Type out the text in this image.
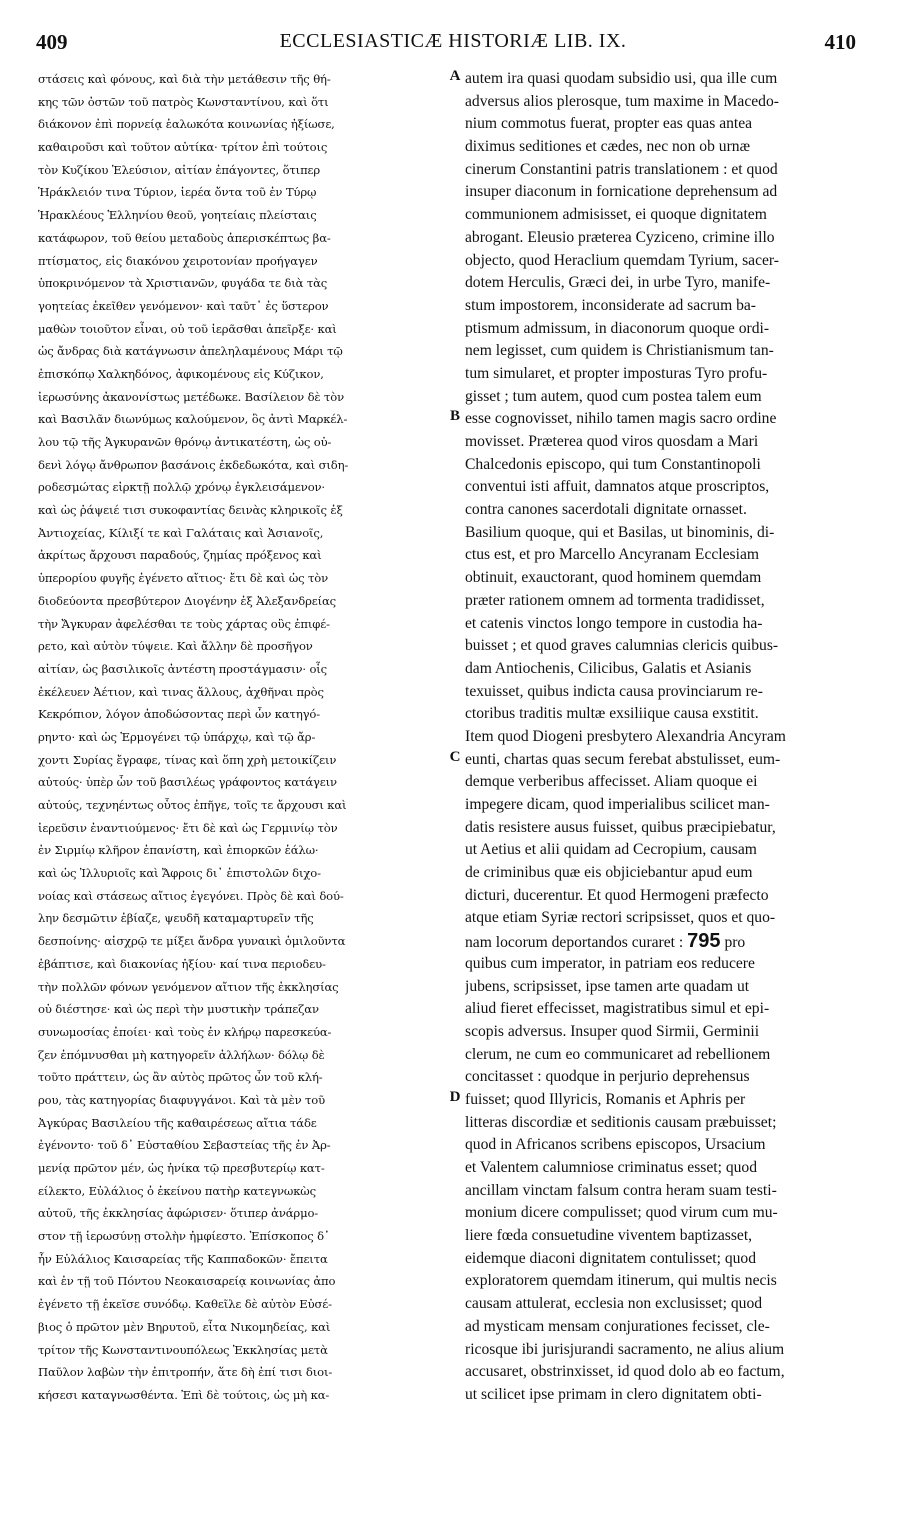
409	ECCLESIASTICÆ HISTORIÆ LIB. IX.	410
στάσεις καὶ φόνους, καὶ διὰ τὴν μετάθεσιν τῆς θή-
κης τῶν ὀστῶν τοῦ πατρὸς Κωνσταντίνου, καὶ ὅτι
διάκονον ἐπὶ πορνείᾳ ἑαλωκότα κοινωνίας ἠξίωσε,
καθαιροῦσι καὶ τοῦτον αὐτίκα· τρίτον ἐπὶ τούτοις
τὸν Κυζίκου Ἐλεύσιον, αἰτίαν ἐπάγοντες, ὅτιπερ
Ἡράκλειόν τινα Τύριον, ἱερέα ὄντα τοῦ ἐν Τύρῳ
Ἡρακλέους Ἑλληνίου θεοῦ, γοητείαις πλείσταις
κατάφωρον, τοῦ θείου μεταδοὺς ἀπερισκέπτως βα-
πτίσματος, εἰς διακόνου χειροτονίαν προήγαγεν
ὑποκρινόμενον τὰ Χριστιανῶν, φυγάδα τε διὰ τὰς
γοητείας ἐκεῖθεν γενόμενον· καὶ ταῦτ᾽ ἐς ὕστερον
μαθὼν τοιοῦτον εἶναι, οὐ τοῦ ἱερᾶσθαι ἀπεῖρξε· καὶ
ὡς ἄνδρας διὰ κατάγνωσιν ἀπεληλαμένους Μάρι τῷ
ἐπισκόπῳ Χαλκηδόνος, ἀφικομένους εἰς Κύζικον,
ἱερωσύνης ἀκανονίστως μετέδωκε. Βασίλειον δὲ τὸν
καὶ Βασιλᾶν διωνύμως καλούμενον, ὃς ἀντὶ Μαρκέλ-
λου τῷ τῆς Ἀγκυρανῶν θρόνῳ ἀντικατέστη, ὡς οὐ-
δενὶ λόγῳ ἄνθρωπον βασάνοις ἐκδεδωκότα, καὶ σιδη-
ροδεσμώτας εἱρκτῇ πολλῷ χρόνῳ ἐγκλεισάμενον·
καὶ ὡς ῥάψειέ τισι συκοφαντίας δεινὰς κληρικοῖς ἐξ
Ἀντιοχείας, Κίλιξί τε καὶ Γαλάταις καὶ Ἀσιανοῖς,
ἀκρίτως ἄρχουσι παραδούς, ζημίας πρόξενος καὶ
ὑπερορίου φυγῆς ἐγένετο αἴτιος· ἔτι δὲ καὶ ὡς τὸν
διοδεύοντα πρεσβύτερον Διογένην ἐξ Ἀλεξανδρείας
τὴν Ἄγκυραν ἀφελέσθαι τε τοὺς χάρτας οὓς ἐπιφέ-
ρετο, καὶ αὐτὸν τύψειε. Καὶ ἄλλην δὲ προσῆγον
αἰτίαν, ὡς βασιλικοῖς ἀντέστη προστάγμασιν· οἷς
ἐκέλευεν Ἀέτιον, καὶ τινας ἄλλους, ἀχθῆναι πρὸς
Κεκρόπιον, λόγον ἀποδώσοντας περὶ ὧν κατηγό-
ρηντο· καὶ ὡς Ἑρμογένει τῷ ὑπάρχῳ, καὶ τῷ ἄρ-
χοντι Συρίας ἔγραφε, τίνας καὶ ὅπη χρὴ μετοικίζειν
αὐτούς· ὑπὲρ ὧν τοῦ βασιλέως γράφοντος κατάγειν
αὐτούς, τεχνηέντως οὗτος ἐπῆγε, τοῖς τε ἄρχουσι καὶ
ἱερεῦσιν ἐναντιούμενος· ἔτι δὲ καὶ ὡς Γερμινίῳ τὸν
ἐν Σιρμίῳ κλῆρον ἐπανίστη, καὶ ἐπιορκῶν ἑάλω·
καὶ ὡς Ἰλλυριοῖς καὶ Ἄφροις δι᾽ ἐπιστολῶν διχο-
νοίας καὶ στάσεως αἴτιος ἐγεγόνει. Πρὸς δὲ καὶ δού-
λην δεσμῶτιν ἐβίαζε, ψευδῆ καταμαρτυρεῖν τῆς
δεσποίνης· αἰσχρῷ τε μίξει ἄνδρα γυναικὶ ὁμιλοῦντα
ἐβάπτισε, καὶ διακονίας ἠξίου· καί τινα περιοδευ-
τὴν πολλῶν φόνων γενόμενον αἴτιον τῆς ἐκκλησίας
οὐ διέστησε· καὶ ὡς περὶ τὴν μυστικὴν τράπεζαν
συνωμοσίας ἐποίει· καὶ τοὺς ἐν κλήρῳ παρεσκεύα-
ζεν ἐπόμνυσθαι μὴ κατηγορεῖν ἀλλήλων· δόλῳ δὲ
τοῦτο πράττειν, ὡς ἂν αὐτὸς πρῶτος ὧν τοῦ κλή-
ρου, τὰς κατηγορίας διαφυγγάνοι. Καὶ τὰ μὲν τοῦ
Ἀγκύρας Βασιλείου τῆς καθαιρέσεως αἴτια τάδε
ἐγένοντο· τοῦ δ᾽ Εὐσταθίου Σεβαστείας τῆς ἐν Ἀρ-
μενίᾳ πρῶτον μέν, ὡς ἡνίκα τῷ πρεσβυτερίῳ κατ-
είλεκτο, Εὐλάλιος ὁ ἐκείνου πατὴρ κατεγνωκὼς
αὐτοῦ, τῆς ἐκκλησίας ἀφώρισεν· ὅτιπερ ἀνάρμο-
στον τῇ ἱερωσύνῃ στολὴν ἠμφίεστο. Ἐπίσκοπος δ᾽
ἦν Εὐλάλιος Καισαρείας τῆς Καππαδοκῶν· ἔπειτα
καὶ ἐν τῇ τοῦ Πόντου Νεοκαισαρείᾳ κοινωνίας ἀπο
ἐγένετο τῇ ἐκεῖσε συνόδῳ. Καθεῖλε δὲ αὐτὸν Εὐσέ-
βιος ὁ πρῶτον μὲν Βηρυτοῦ, εἶτα Νικομηδείας, καὶ
τρίτον τῆς Κωνσταντινουπόλεως Ἐκκλησίας μετὰ
Παῦλον λαβὼν τὴν ἐπιτροπήν, ἅτε δὴ ἐπί τισι διοι-
κήσεσι καταγνωσθέντα. Ἐπὶ δὲ τούτοις, ὡς μὴ κα-
A
B
C
D
autem ira quasi quodam subsidio usi, qua ille cum
adversus alios plerosque, tum maxime in Macedo-
nium commotus fuerat, propter eas quas antea
diximus seditiones et cædes, nec non ob urnæ
cinerum Constantini patris translationem : et quod
insuper diaconum in fornicatione deprehensum ad
communionem admisisset, ei quoque dignitatem
abrogant. Eleusio præterea Cyziceno, crimine illo
objecto, quod Heraclium quemdam Tyrium, sacer-
dotem Herculis, Græci dei, in urbe Tyro, manife-
stum impostorem, inconsiderate ad sacrum ba-
ptismum admissum, in diaconorum quoque ordi-
nem legisset, cum quidem is Christianismum tan-
tum simularet, et propter imposturas Tyro profu-
gisset ; tum autem, quod cum postea talem eum
esse cognovisset, nihilo tamen magis sacro ordine
movisset. Præterea quod viros quosdam a Mari
Chalcedonis episcopo, qui tum Constantinopoli
conventui isti affuit, damnatos atque proscriptos,
contra canones sacerdotali dignitate ornasset.
Basilium quoque, qui et Basilas, ut binominis, di-
ctus est, et pro Marcello Ancyranam Ecclesiam
obtinuit, exauctorant, quod hominem quemdam
præter rationem omnem ad tormenta tradidisset,
et catenis vinctos longo tempore in custodia ha-
buisset ; et quod graves calumnias clericis quibus-
dam Antiochenis, Cilicibus, Galatis et Asianis
texuisset, quibus indicta causa provinciarum re-
ctoribus traditis multæ exsiliique causa exstitit.
Item quod Diogeni presbytero Alexandria Ancyram
eunti, chartas quas secum ferebat abstulisset, eum-
demque verberibus affecisset. Aliam quoque ei
impegere dicam, quod imperialibus scilicet man-
datis resistere ausus fuisset, quibus præcipiebatur,
ut Aetius et alii quidam ad Cecropium, causam
de criminibus quæ eis objiciebantur apud eum
dicturi, ducerentur. Et quod Hermogeni præfecto
atque etiam Syriæ rectori scripsisset, quos et quo-
nam locorum deportandos curaret : 795 pro
quibus cum imperator, in patriam eos reducere
jubens, scripsisset, ipse tamen arte quadam ut
aliud fieret effecisset, magistratibus simul et epi-
scopis adversus. Insuper quod Sirmii, Germinii
clerum, ne cum eo communicaret ad rebellionem
concitasset : quodque in perjurio deprehensus
fuisset; quod Illyricis, Romanis et Aphris per
litteras discordiæ et seditionis causam præbuisset;
quod in Africanos scribens episcopos, Ursacium
et Valentem calumniose criminatus esset; quod
ancillam vinctam falsum contra heram suam testi-
monium dicere compulisset; quod virum cum mu-
liere fœda consuetudine viventem baptizasset,
eidemque diaconi dignitatem contulisset; quod
exploratorem quemdam itinerum, qui multis necis
causam attulerat, ecclesia non exclusisset; quod
ad mysticam mensam conjurationes fecisset, cle-
ricosque ibi jurisjurandi sacramento, ne alius alium
accusaret, obstrinxisset, id quod dolo ab eo factum,
ut scilicet ipse primam in clero dignitatem obti-
